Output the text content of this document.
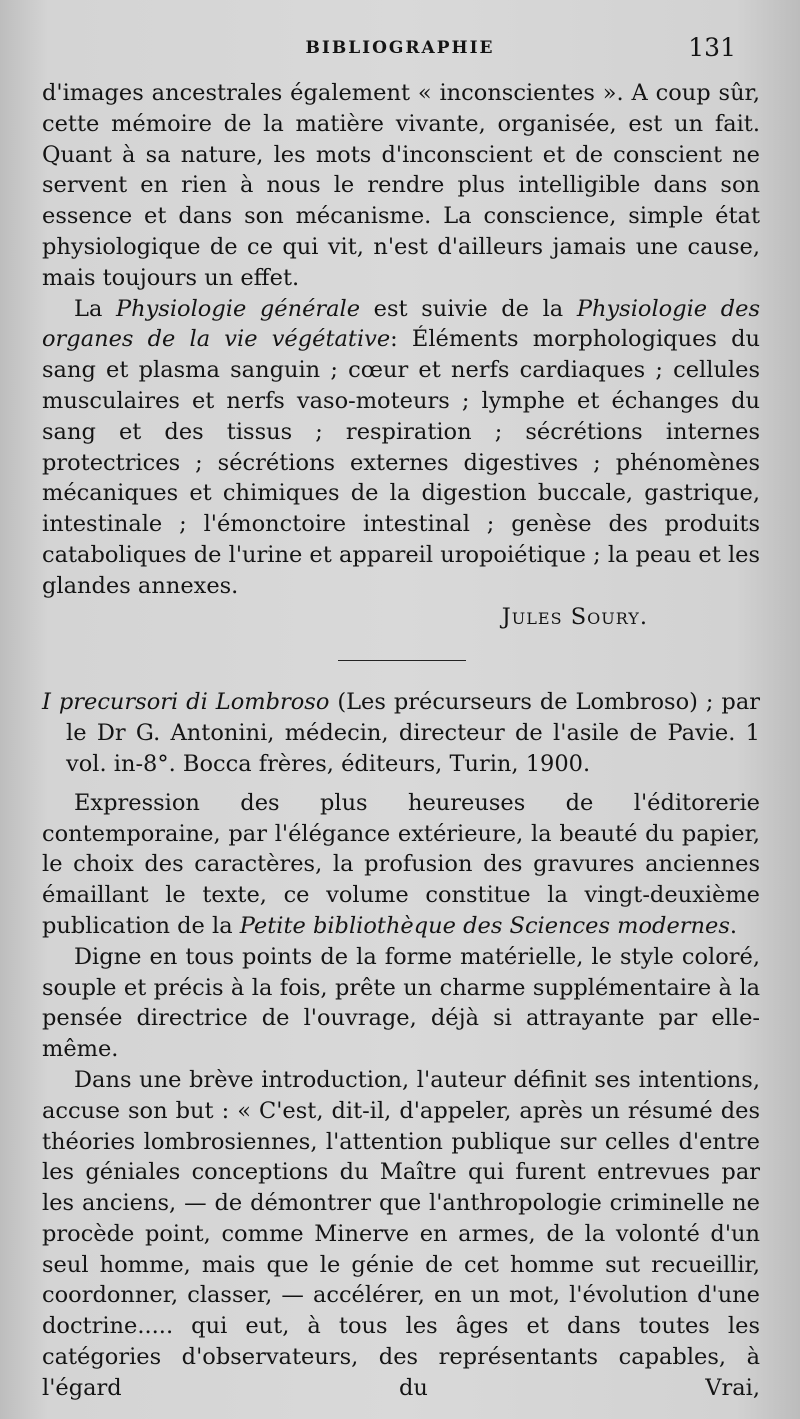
BIBLIOGRAPHIE	131

d'images ancestrales également « inconscientes ». A coup sûr, cette mémoire de la matière vivante, organisée, est un fait. Quant à sa nature, les mots d'inconscient et de conscient ne servent en rien à nous le rendre plus intelligible dans son essence et dans son mécanisme. La conscience, simple état physiologique de ce qui vit, n'est d'ailleurs jamais une cause, mais toujours un effet.

La Physiologie générale est suivie de la Physiologie des organes de la vie végétative: Éléments morphologiques du sang et plasma sanguin ; cœur et nerfs cardiaques ; cellules musculaires et nerfs vaso-moteurs ; lymphe et échanges du sang et des tissus ; respiration ; sécrétions internes protectrices ; sécrétions externes digestives ; phénomènes mécaniques et chimiques de la digestion buccale, gastrique, intestinale ; l'émonctoire intestinal ; genèse des produits cataboliques de l'urine et appareil uropoiétique ; la peau et les glandes annexes.

Jules Soury.

I precursori di Lombroso (Les précurseurs de Lombroso) ; par le Dr G. Antonini, médecin, directeur de l'asile de Pavie. 1 vol. in-8°. Bocca frères, éditeurs, Turin, 1900.

Expression des plus heureuses de l'éditorerie contemporaine, par l'élégance extérieure, la beauté du papier, le choix des caractères, la profusion des gravures anciennes émaillant le texte, ce volume constitue la vingt-deuxième publication de la Petite bibliothèque des Sciences modernes.

Digne en tous points de la forme matérielle, le style coloré, souple et précis à la fois, prête un charme supplémentaire à la pensée directrice de l'ouvrage, déjà si attrayante par elle-même.

Dans une brève introduction, l'auteur définit ses intentions, accuse son but : « C'est, dit-il, d'appeler, après un résumé des théories lombrosiennes, l'attention publique sur celles d'entre les géniales conceptions du Maître qui furent entrevues par les anciens, — de démontrer que l'anthropologie criminelle ne procède point, comme Minerve en armes, de la volonté d'un seul homme, mais que le génie de cet homme sut recueillir, coordonner, classer, — accélérer, en un mot, l'évolution d'une doctrine..... qui eut, à tous les âges et dans toutes les catégories d'observateurs, des représentants capables, à l'égard du Vrai,
